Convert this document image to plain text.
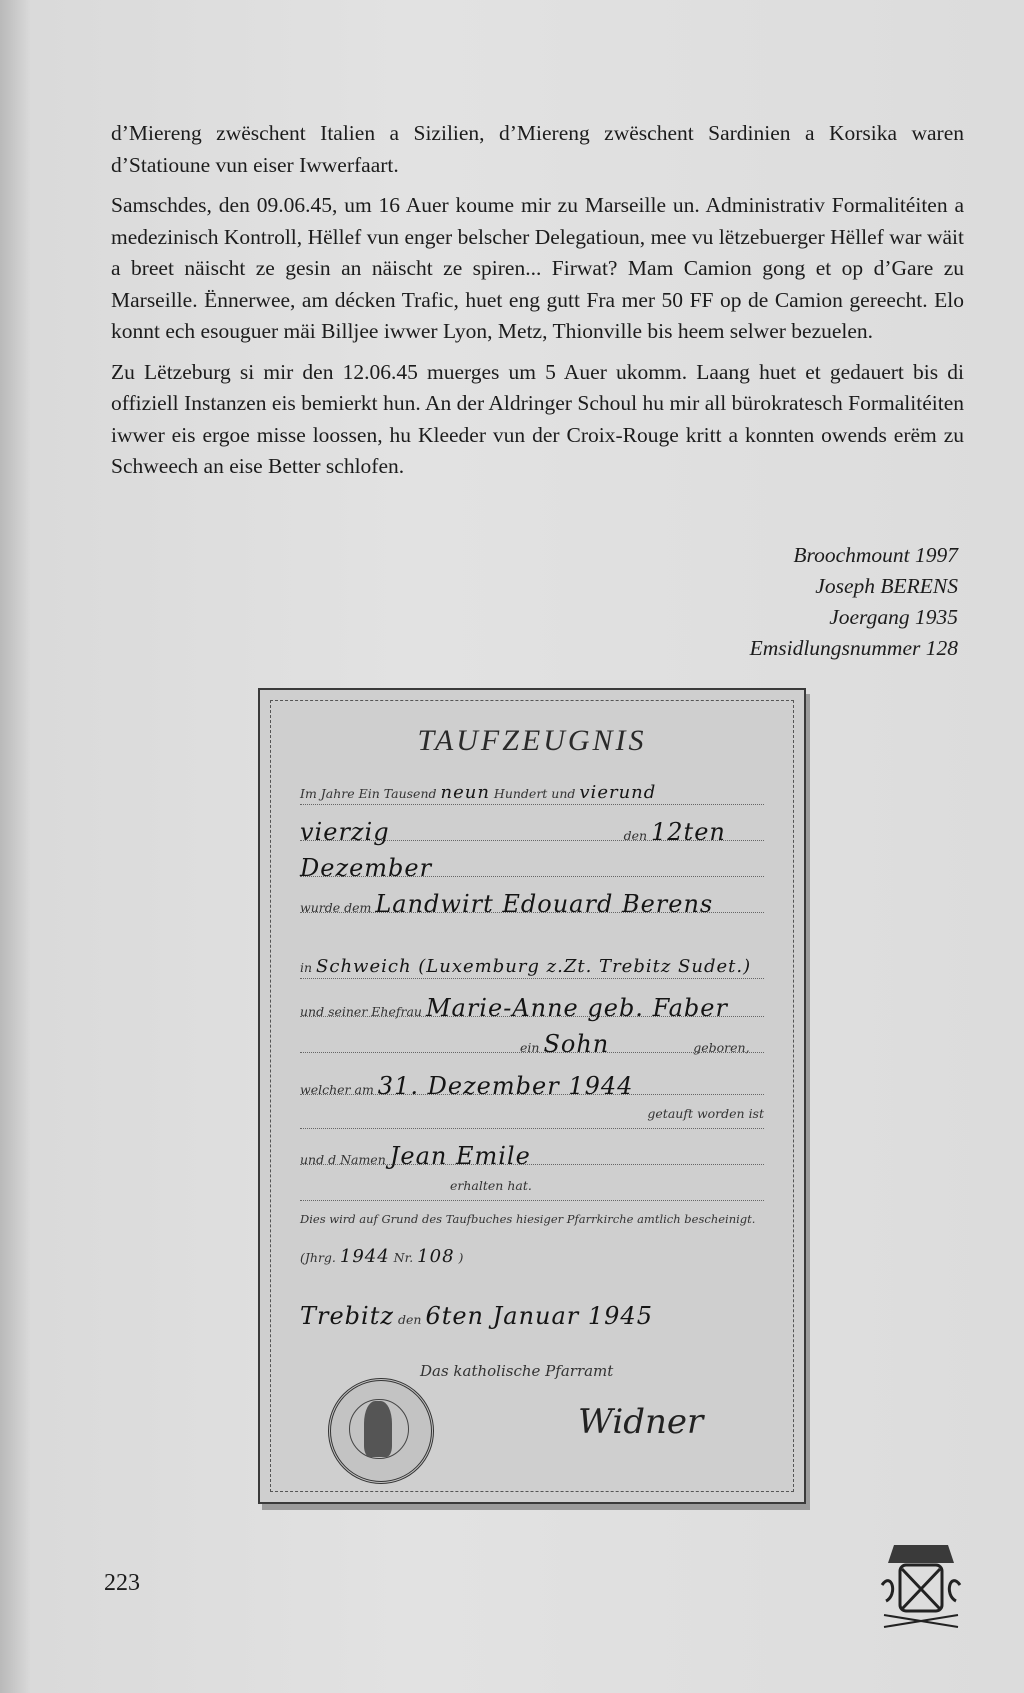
d’Miereng zwëschent Italien a Sizilien, d’Miereng zwëschent Sardinien a Korsika waren d’Statioune vun eiser Iwwerfaart.

Samschdes, den 09.06.45, um 16 Auer koume mir zu Marseille un. Administrativ Formalitéiten a medezinisch Kontroll, Hëllef vun enger belscher Delegatioun, mee vu lëtzebuerger Hëllef war wäit a breet näischt ze gesin an näischt ze spiren... Firwat? Mam Camion gong et op d’Gare zu Marseille. Ënnerwee, am décken Trafic, huet eng gutt Fra mer 50 FF op de Camion gereecht. Elo konnt ech esouguer mäi Billjee iwwer Lyon, Metz, Thionville bis heem selwer bezuelen.

Zu Lëtzeburg si mir den 12.06.45 muerges um 5 Auer ukomm. Laang huet et gedauert bis di offiziell Instanzen eis bemierkt hun. An der Aldringer Schoul hu mir all bürokratesch Formalitéiten iwwer eis ergoe misse loossen, hu Kleeder vun der Croix-Rouge kritt a konnten owends erëm zu Schweech an eise Better schlofen.

Broochmount 1997
Joseph BERENS
Joergang 1935
Emsidlungsnummer 128
TAUFZEUGNIS
Im Jahre Ein Tausend neun Hundert und vierund
vierzig	den 12ten
Dezember
wurde dem Landwirt Edouard Berens
in Schweich (Luxemburg z.Zt. Trebitz Sudet.)
und seiner Ehefrau Marie-Anne geb. Faber
ein Sohn	geboren,
welcher am 31. Dezember 1944
getauft worden ist
und d Namen Jean Emile
erhalten hat.
Dies wird auf Grund des Taufbuches hiesiger Pfarrkirche amtlich bescheinigt.
(Jhrg. 1944 Nr. 108 )
Trebitz den 6ten Januar 1945
Das katholische Pfarramt
Widner
223
